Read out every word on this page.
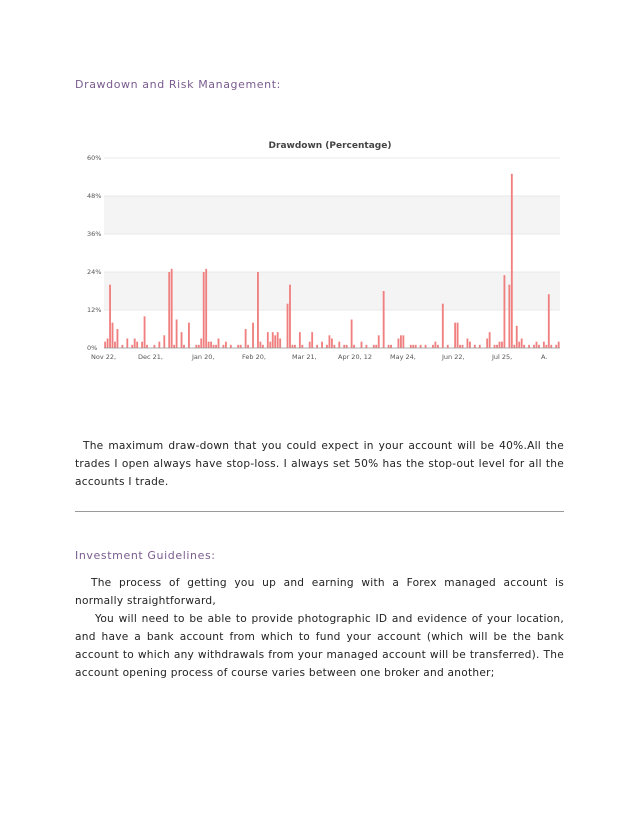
Drawdown and Risk Management:
Drawdown (Percentage)
0%
12%
24%
36%
48%
60%
Nov 22,	Dec 21,	Jan 20,	Feb 20,	Mar 21,	Apr 20, 12	May 24,	Jun 22,	Jul 25,	A.
The maximum draw-down that you could expect in your account will be 40%.All the trades I open always have stop-loss. I always set 50% has the stop-out level for all the accounts I trade.
Investment Guidelines:
The process of getting you up and earning with a Forex managed account is normally straightforward,
You will need to be able to provide photographic ID and evidence of your location, and have a bank account from which to fund your account (which will be the bank account to which any withdrawals from your managed account will be transferred). The account opening process of course varies between one broker and another;
